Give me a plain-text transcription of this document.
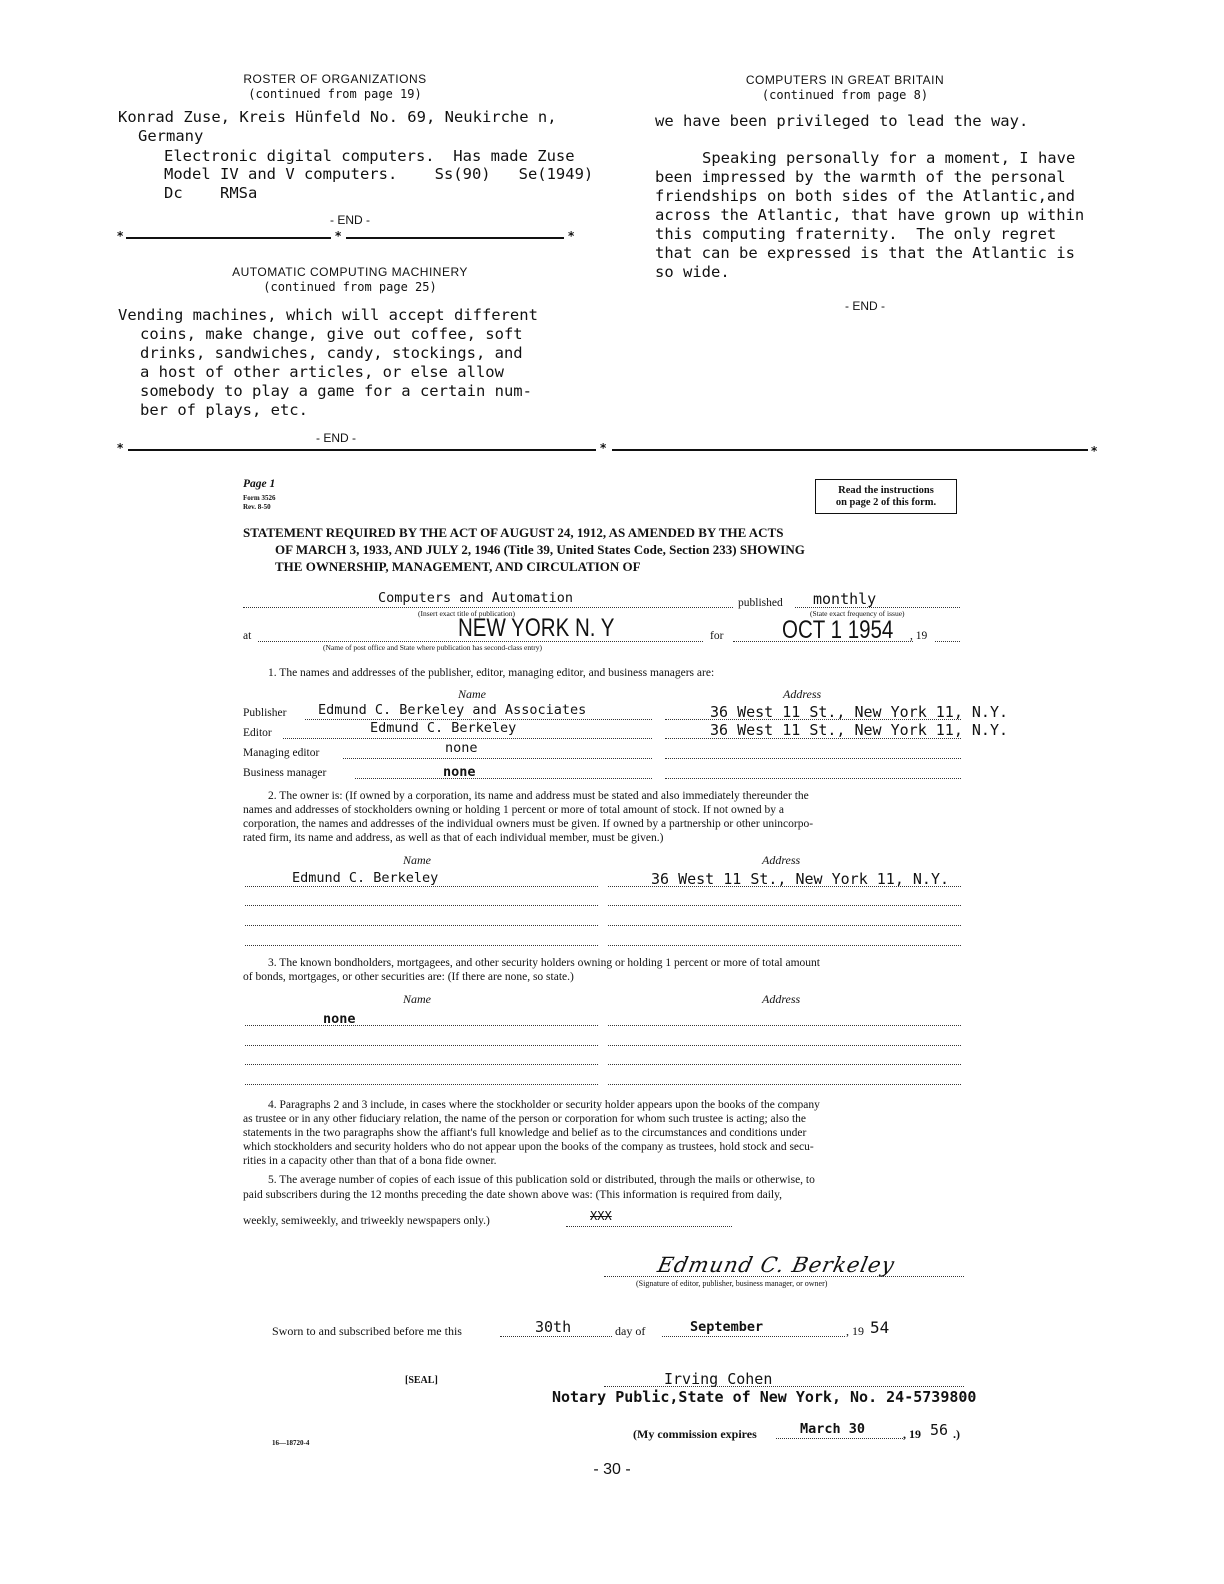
ROSTER OF ORGANIZATIONS
(continued from page 19)
Konrad Zuse, Kreis Hünfeld No. 69, Neukirche n,
Germany
Electronic digital computers.  Has made Zuse
Model IV and V computers.    Ss(90)   Se(1949)
Dc    RMSa
- END -
*	*	*
AUTOMATIC COMPUTING MACHINERY
(continued from page 25)
Vending machines, which will accept different
coins, make change, give out coffee, soft
drinks, sandwiches, candy, stockings, and
a host of other articles, or else allow
somebody to play a game for a certain num-
ber of plays, etc.
- END -
*	*	*
COMPUTERS IN GREAT BRITAIN
(continued from page 8)
we have been privileged to lead the way.
Speaking personally for a moment, I have
been impressed by the warmth of the personal
friendships on both sides of the Atlantic,and
across the Atlantic, that have grown up within
this computing fraternity.  The only regret
that can be expressed is that the Atlantic is
so wide.
- END -
Page 1
Form 3526
Rev. 8-50
Read the instructions
on page 2 of this form.
STATEMENT REQUIRED BY THE ACT OF AUGUST 24, 1912, AS AMENDED BY THE ACTS
OF MARCH 3, 1933, AND JULY 2, 1946 (Title 39, United States Code, Section 233) SHOWING
THE OWNERSHIP, MANAGEMENT, AND CIRCULATION OF
Computers and Automation	published monthly
(Insert exact title of publication)	(State exact frequency of issue)
at	NEW YORK N. Y	for OCT 1 1954 , 19
(Name of post office and State where publication has second-class entry)
1. The names and addresses of the publisher, editor, managing editor, and business managers are:
Name	Address
Publisher Edmund C. Berkeley and Associates	36 West 11 St., New York 11, N.Y.
Editor	Edmund C. Berkeley	36 West 11 St., New York 11, N.Y.
Managing editor	none
Business manager	none
2. The owner is: (If owned by a corporation, its name and address must be stated and also immediately thereunder the
names and addresses of stockholders owning or holding 1 percent or more of total amount of stock. If not owned by a
corporation, the names and addresses of the individual owners must be given. If owned by a partnership or other unincorpo-
rated firm, its name and address, as well as that of each individual member, must be given.)
Name	Address
Edmund C. Berkeley	36 West 11 St., New York 11, N.Y.
3. The known bondholders, mortgagees, and other security holders owning or holding 1 percent or more of total amount
of bonds, mortgages, or other securities are: (If there are none, so state.)
Name	Address
none
4. Paragraphs 2 and 3 include, in cases where the stockholder or security holder appears upon the books of the company
as trustee or in any other fiduciary relation, the name of the person or corporation for whom such trustee is acting; also the
statements in the two paragraphs show the affiant's full knowledge and belief as to the circumstances and conditions under
which stockholders and security holders who do not appear upon the books of the company as trustees, hold stock and secu-
rities in a capacity other than that of a bona fide owner.
5. The average number of copies of each issue of this publication sold or distributed, through the mails or otherwise, to
paid subscribers during the 12 months preceding the date shown above was: (This information is required from daily,
weekly, semiweekly, and triweekly newspapers only.)	XXX
Edmund C. Berkeley
(Signature of editor, publisher, business manager, or owner)
Sworn to and subscribed before me this	30th	day of	September	, 19 54
[SEAL]	Irving Cohen
Notary Public,State of New York, No. 24-5739800
(My commission expires	March 30	, 19 56 .)
16—18720-4
- 30 -
